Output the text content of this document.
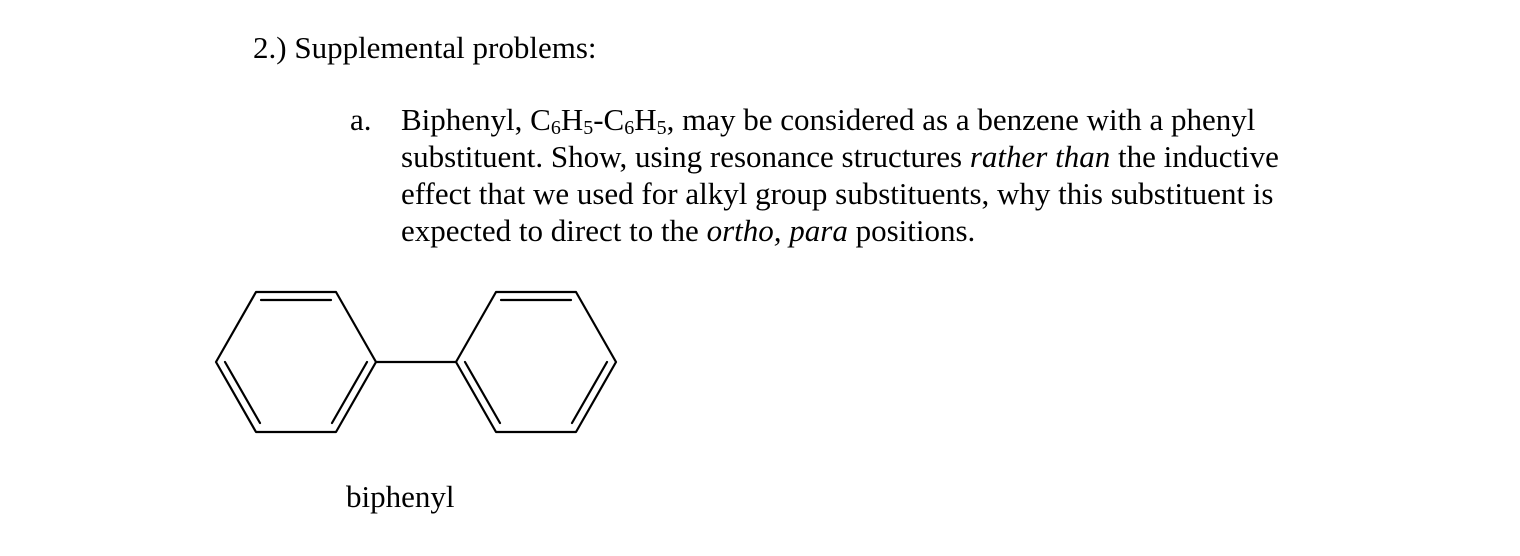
2.) Supplemental problems:
a. Biphenyl, $C_6H_5-C_6H_5$, may be considered as a benzene with a phenyl
substituent. Show, using resonance structures rather than the inductive
effect that we used for alkyl group substituents, why this substituent is
expected to direct to the ortho, para positions.
biphenyl
